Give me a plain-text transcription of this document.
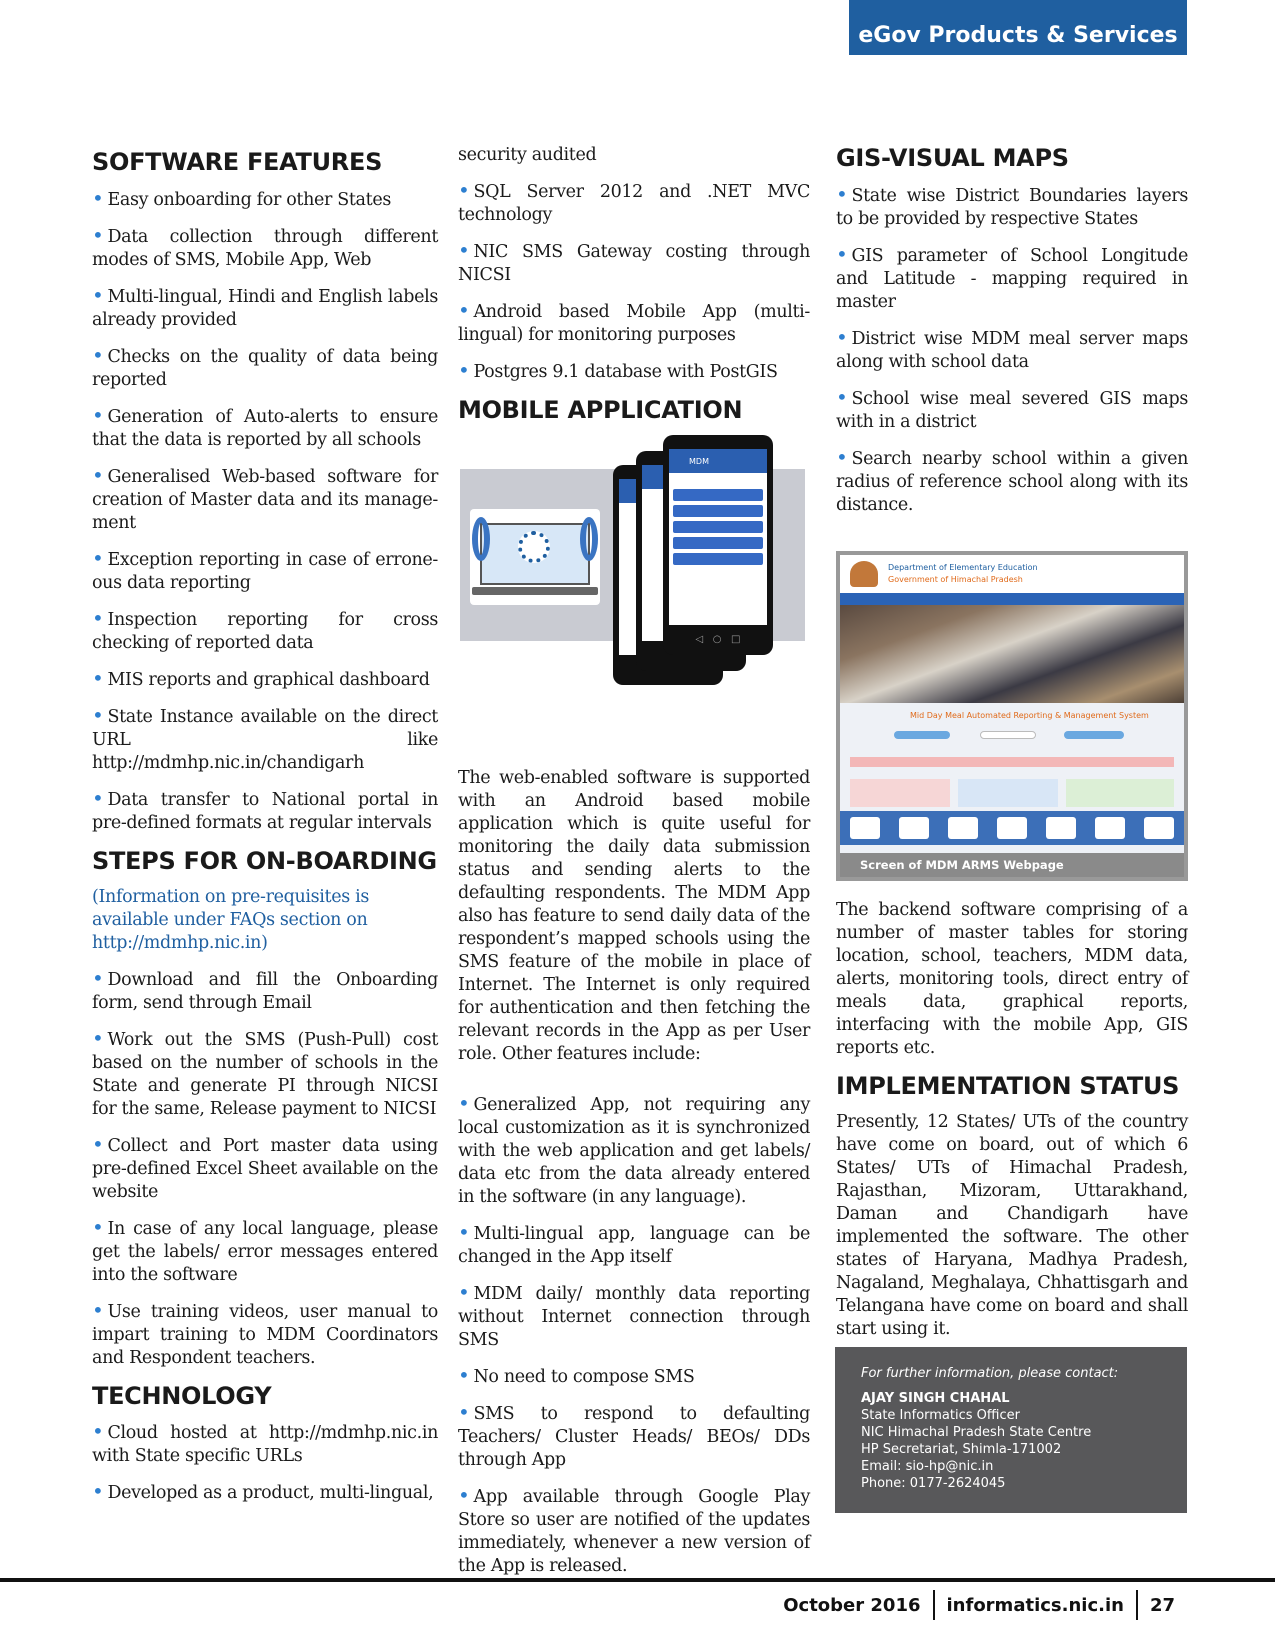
eGov Products & Services
SOFTWARE FEATURES

• Easy onboarding for other States

• Data collection through different modes of SMS, Mobile App, Web

• Multi-lingual, Hindi and English labels already provided

• Checks on the quality of data being reported

• Generation of Auto-alerts to ensure that the data is reported by all schools

• Generalised Web-based software for creation of Master data and its manage-ment

• Exception reporting in case of errone-ous data reporting

• Inspection reporting for cross checking of reported data

• MIS reports and graphical dashboard

• State Instance available on the direct URL like http://mdmhp.nic.in/chandigarh

• Data transfer to National portal in pre-defined formats at regular intervals

STEPS FOR ON-BOARDING

(Information on pre-requisites is available under FAQs section on http://mdmhp.nic.in)

• Download and fill the Onboarding form, send through Email

• Work out the SMS (Push-Pull) cost based on the number of schools in the State and generate PI through NICSI for the same, Release payment to NICSI

• Collect and Port master data using pre-defined Excel Sheet available on the website

• In case of any local language, please get the labels/ error messages entered into the software

• Use training videos, user manual to impart training to MDM Coordinators and Respondent teachers.

TECHNOLOGY

• Cloud hosted at http://mdmhp.nic.in with State specific URLs

• Developed as a product, multi-lingual,

security audited

• SQL Server 2012 and .NET MVC technology

• NIC SMS Gateway costing through NICSI

• Android based Mobile App (multi-lingual) for monitoring purposes

• Postgres 9.1 database with PostGIS

MOBILE APPLICATION
MDM
◁   ○   □

The web-enabled software is supported with an Android based mobile application which is quite useful for monitoring the daily data submission status and sending alerts to the defaulting respondents. The MDM App also has feature to send daily data of the respondent’s mapped schools using the SMS feature of the mobile in place of Internet. The Internet is only required for authentication and then fetching the relevant records in the App as per User role. Other features include:

• Generalized App, not requiring any local customization as it is synchronized with the web application and get labels/ data etc from the data already entered in the software (in any language).

• Multi-lingual app, language can be changed in the App itself

• MDM daily/ monthly data reporting without Internet connection through SMS

• No need to compose SMS

• SMS to respond to defaulting Teachers/ Cluster Heads/ BEOs/ DDs through App

• App available through Google Play Store so user are notified of the updates immediately, whenever a new version of the App is released.

GIS-VISUAL MAPS

• State wise District Boundaries layers to be provided by respective States

• GIS parameter of School Longitude and Latitude - mapping required in master

• District wise MDM meal server maps along with school data

• School wise meal severed GIS maps with in a district

• Search nearby school within a given radius of reference school along with its distance.

Department of Elementary Education
Government of Himachal Pradesh
Mid Day Meal Automated Reporting & Management System
Screen of MDM ARMS Webpage

The backend software comprising of a number of master tables for storing location, school, teachers, MDM data, alerts, monitoring tools, direct entry of meals data, graphical reports, interfacing with the mobile App, GIS reports etc.

IMPLEMENTATION STATUS

Presently, 12 States/ UTs of the country have come on board, out of which 6 States/ UTs of Himachal Pradesh, Rajasthan, Mizoram, Uttarakhand, Daman and Chandigarh have implemented the software. The other states of Haryana, Madhya Pradesh, Nagaland, Meghalaya, Chhattisgarh and Telangana have come on board and shall start using it.

For further information, please contact:
AJAY SINGH CHAHAL
State Informatics Officer
NIC Himachal Pradesh State Centre
HP Secretariat, Shimla-171002
Email: sio-hp@nic.in
Phone: 0177-2624045
October 2016 informatics.nic.in 27
